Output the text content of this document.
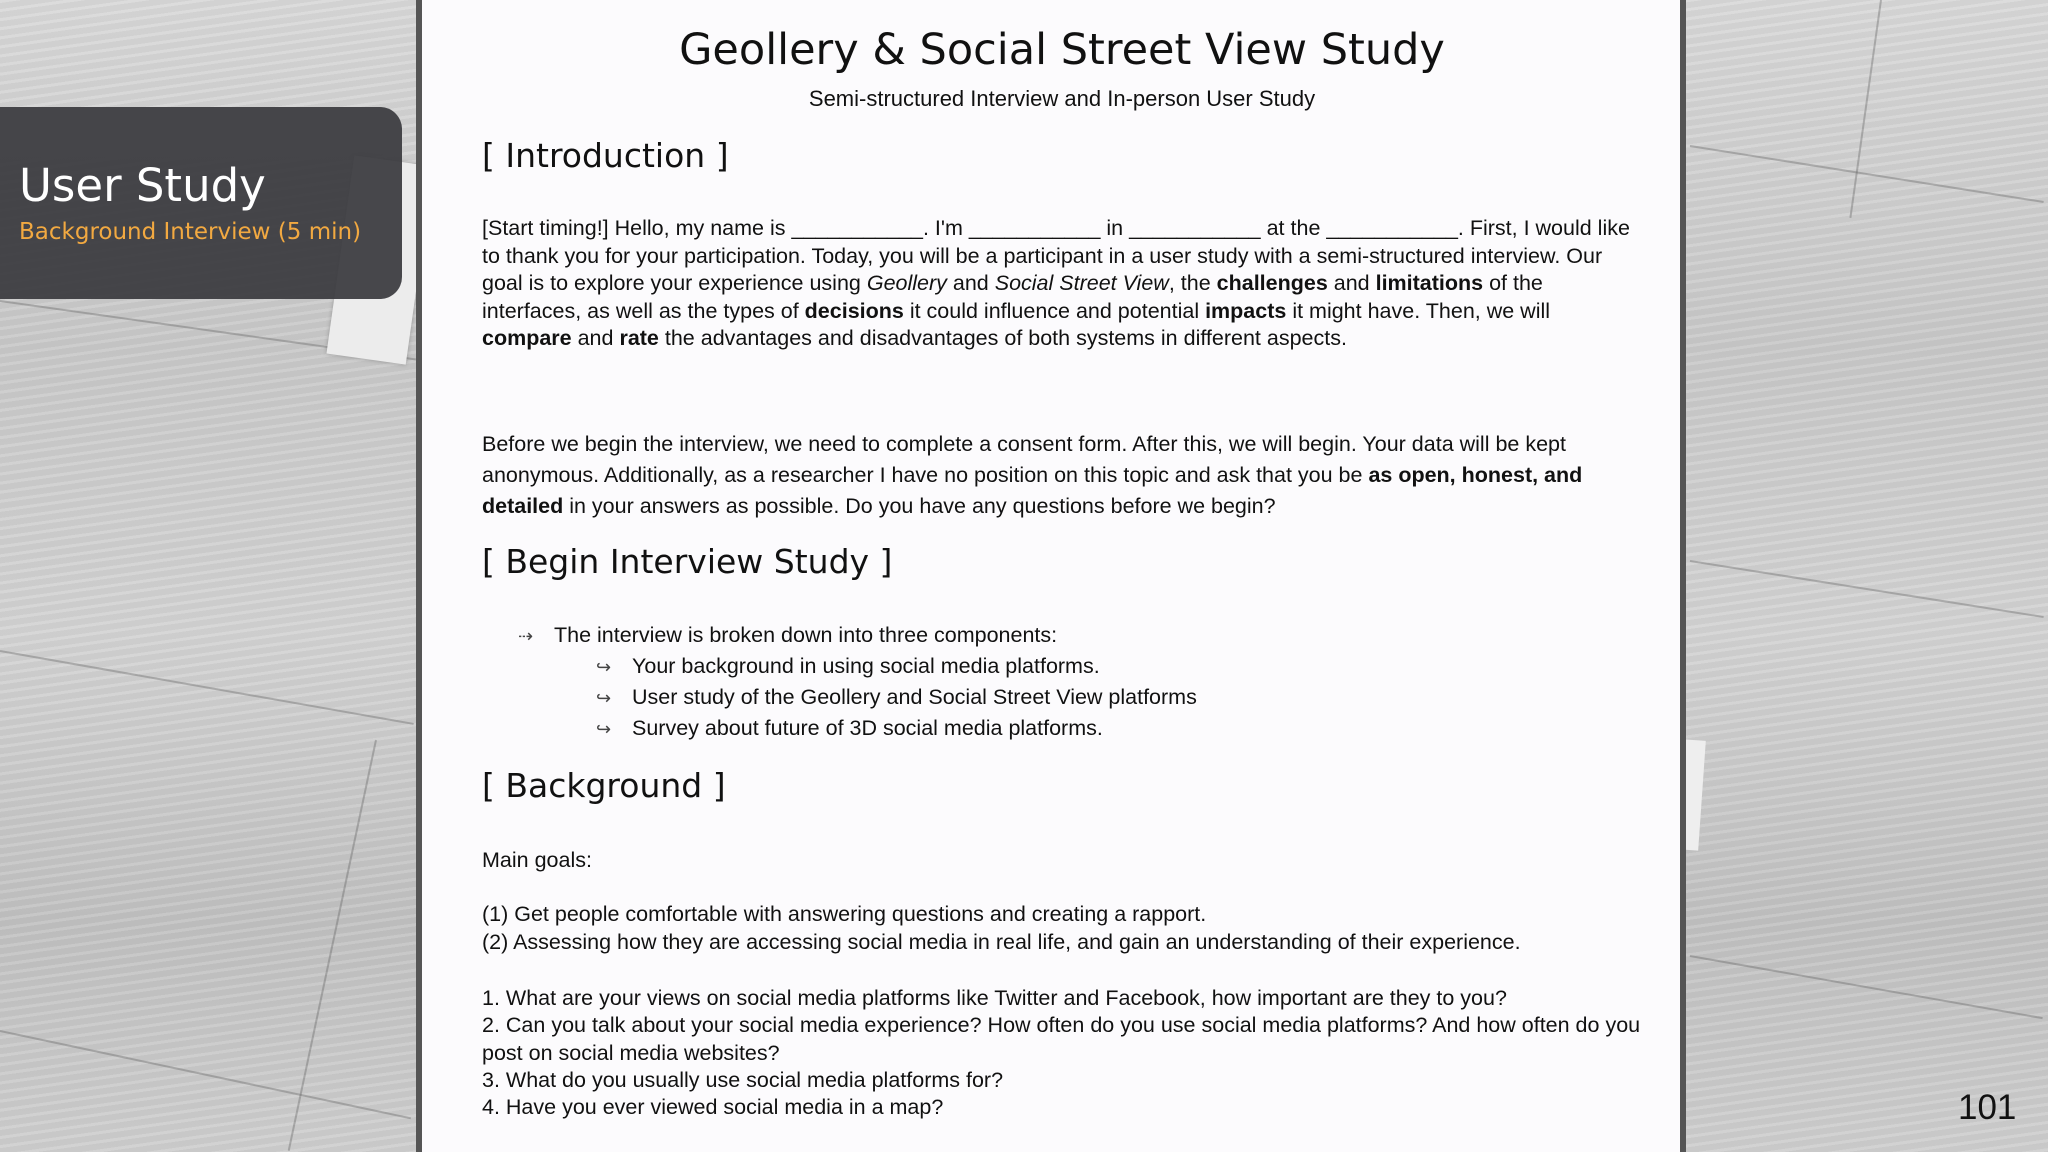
User Study
Background Interview (5 min)
Geollery & Social Street View Study
Semi-structured Interview and In-person User Study
[ Introduction ]

[Start timing!] Hello, my name is ___________. I'm ___________ in ___________ at the ___________. First, I would like to thank you for your participation. Today, you will be a participant in a user study with a semi-structured interview. Our goal is to explore your experience using Geollery and Social Street View, the challenges and limitations of the interfaces, as well as the types of decisions it could influence and potential impacts it might have. Then, we will compare and rate the advantages and disadvantages of both systems in different aspects.

Before we begin the interview, we need to complete a consent form. After this, we will begin. Your data will be kept anonymous. Additionally, as a researcher I have no position on this topic and ask that you be as open, honest, and detailed in your answers as possible. Do you have any questions before we begin?

[ Begin Interview Study ]
⇢ The interview is broken down into three components:
↪ Your background in using social media platforms.
↪ User study of the Geollery and Social Street View platforms
↪ Survey about future of 3D social media platforms.
[ Background ]
Main goals:
(1) Get people comfortable with answering questions and creating a rapport.
(2) Assessing how they are accessing social media in real life, and gain an understanding of their experience.
1. What are your views on social media platforms like Twitter and Facebook, how important are they to you?
2. Can you talk about your social media experience? How often do you use social media platforms? And how often do you post on social media websites?
3. What do you usually use social media platforms for?
4. Have you ever viewed social media in a map?	101
